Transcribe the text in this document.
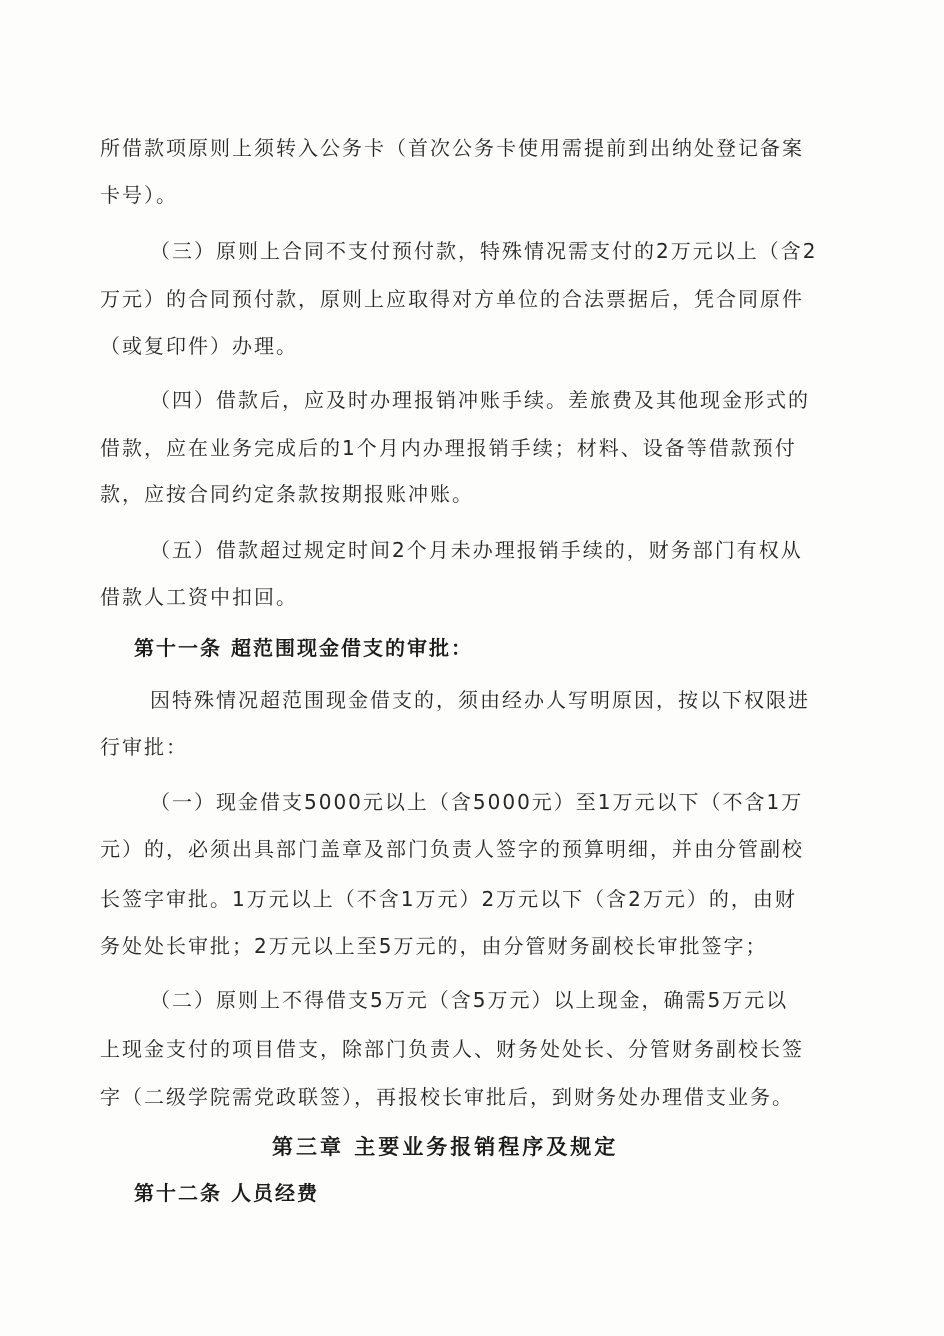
所借款项原则上须转入公务卡（首次公务卡使用需提前到出纳处登记备案
卡号）。
（三）原则上合同不支付预付款，特殊情况需支付的2万元以上（含2
万元）的合同预付款，原则上应取得对方单位的合法票据后，凭合同原件
（或复印件）办理。
（四）借款后，应及时办理报销冲账手续。差旅费及其他现金形式的
借款，应在业务完成后的1个月内办理报销手续；材料、设备等借款预付
款，应按合同约定条款按期报账冲账。
（五）借款超过规定时间2个月未办理报销手续的，财务部门有权从
借款人工资中扣回。
第十一条 超范围现金借支的审批：
因特殊情况超范围现金借支的，须由经办人写明原因，按以下权限进
行审批：
（一）现金借支5000元以上（含5000元）至1万元以下（不含1万
元）的，必须出具部门盖章及部门负责人签字的预算明细，并由分管副校
长签字审批。1万元以上（不含1万元）2万元以下（含2万元）的，由财
务处处长审批；2万元以上至5万元的，由分管财务副校长审批签字；
（二）原则上不得借支5万元（含5万元）以上现金，确需5万元以
上现金支付的项目借支，除部门负责人、财务处处长、分管财务副校长签
字（二级学院需党政联签），再报校长审批后，到财务处办理借支业务。
第三章 主要业务报销程序及规定
第十二条 人员经费
